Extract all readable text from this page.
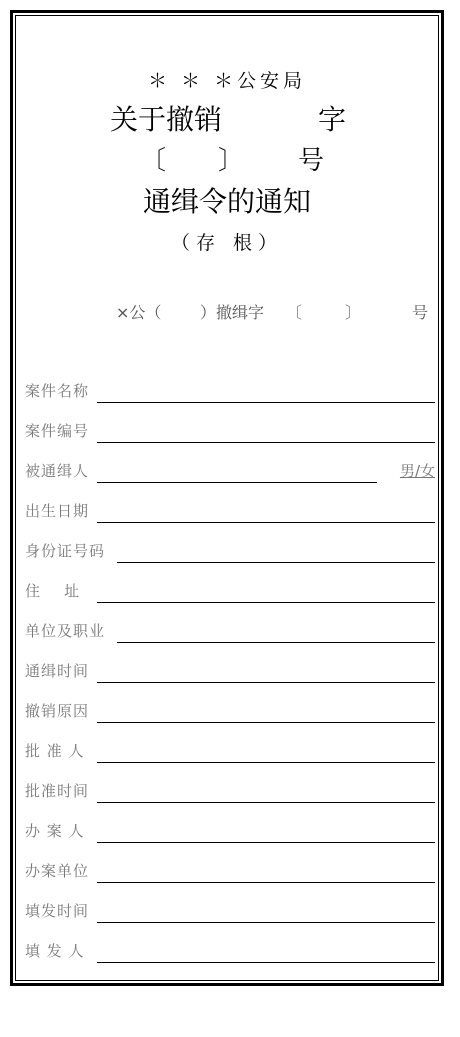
＊ ＊ ＊公安局
关于撤销	字
〔 〕 号
通缉令的通知
（存 根）
×公（ ）撤缉字 〔	〕	号
案件名称
案件编号
被通缉人	男/女
出生日期
身份证号码
住    址
单位及职业
通缉时间
撤销原因
批 准 人
批准时间
办 案 人
办案单位
填发时间
填 发 人
